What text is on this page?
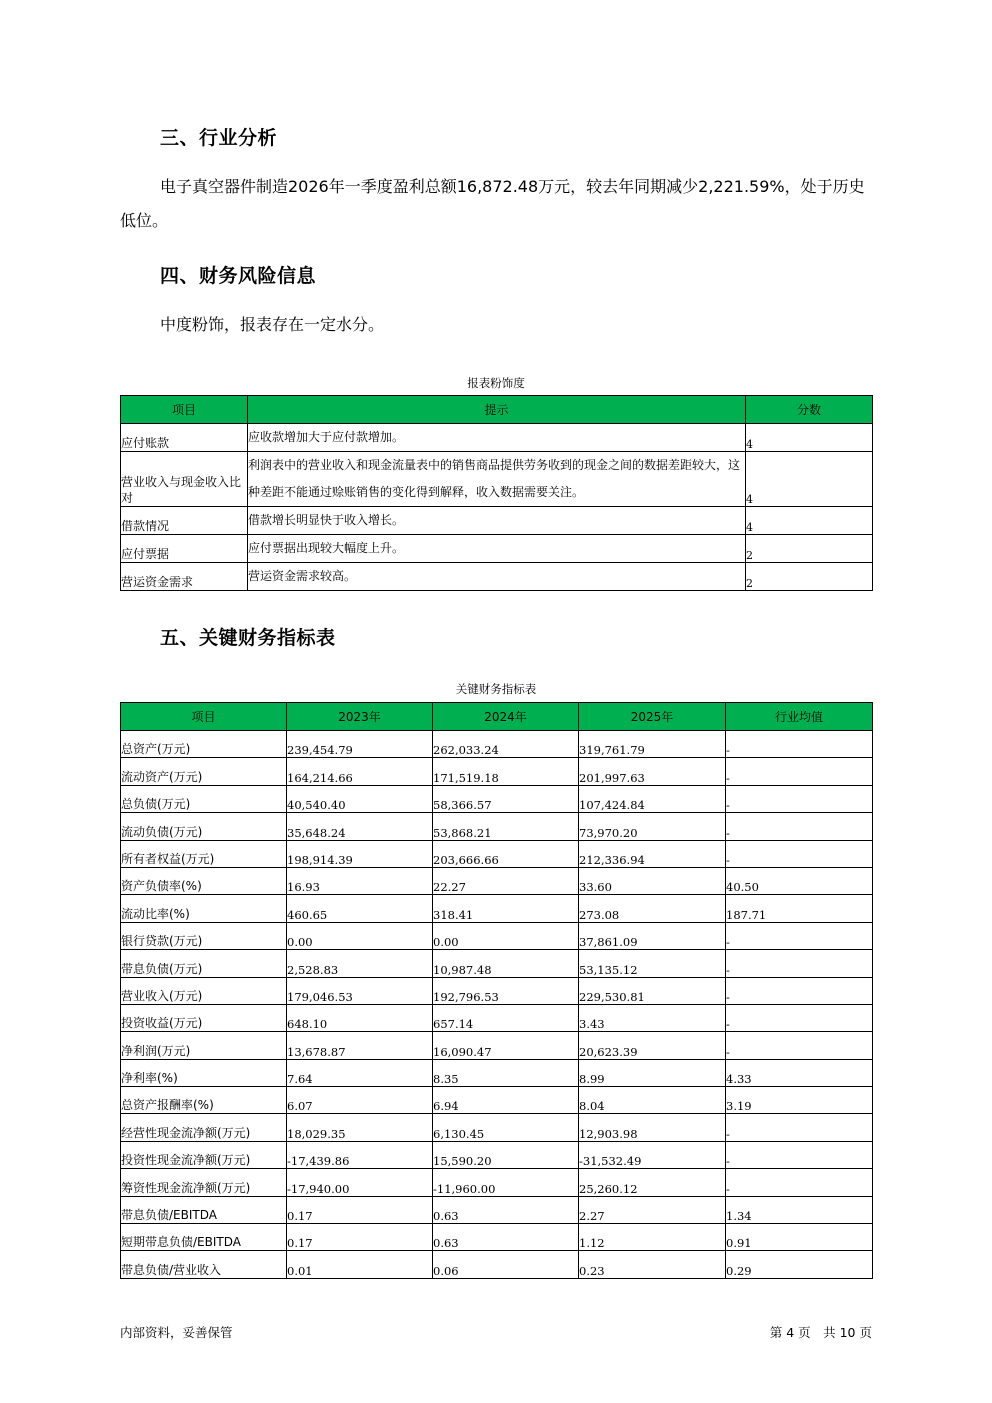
三、行业分析

电子真空器件制造2026年一季度盈利总额16,872.48万元，较去年同期减少2,221.59%，处于历史低位。

四、财务风险信息

中度粉饰，报表存在一定水分。

报表粉饰度
项目	提示	分数
应付账款	应收款增加大于应付款增加。	4
营业收入与现金收入比对	利润表中的营业收入和现金流量表中的销售商品提供劳务收到的现金之间的数据差距较大，这种差距不能通过赊账销售的变化得到解释，收入数据需要关注。	4
借款情况	借款增长明显快于收入增长。	4
应付票据	应付票据出现较大幅度上升。	2
营运资金需求	营运资金需求较高。	2
五、关键财务指标表
关键财务指标表
项目	2023年	2024年	2025年	行业均值
总资产(万元)	239,454.79	262,033.24	319,761.79	-
流动资产(万元)	164,214.66	171,519.18	201,997.63	-
总负债(万元)	40,540.40	58,366.57	107,424.84	-
流动负债(万元)	35,648.24	53,868.21	73,970.20	-
所有者权益(万元)	198,914.39	203,666.66	212,336.94	-
资产负债率(%)	16.93	22.27	33.60	40.50
流动比率(%)	460.65	318.41	273.08	187.71
银行贷款(万元)	0.00	0.00	37,861.09	-
带息负债(万元)	2,528.83	10,987.48	53,135.12	-
营业收入(万元)	179,046.53	192,796.53	229,530.81	-
投资收益(万元)	648.10	657.14	3.43	-
净利润(万元)	13,678.87	16,090.47	20,623.39	-
净利率(%)	7.64	8.35	8.99	4.33
总资产报酬率(%)	6.07	6.94	8.04	3.19
经营性现金流净额(万元)	18,029.35	6,130.45	12,903.98	-
投资性现金流净额(万元)	-17,439.86	15,590.20	-31,532.49	-
筹资性现金流净额(万元)	-17,940.00	-11,960.00	25,260.12	-
带息负债/EBITDA	0.17	0.63	2.27	1.34
短期带息负债/EBITDA	0.17	0.63	1.12	0.91
带息负债/营业收入	0.01	0.06	0.23	0.29
内部资料，妥善保管	第 4 页　共 10 页
